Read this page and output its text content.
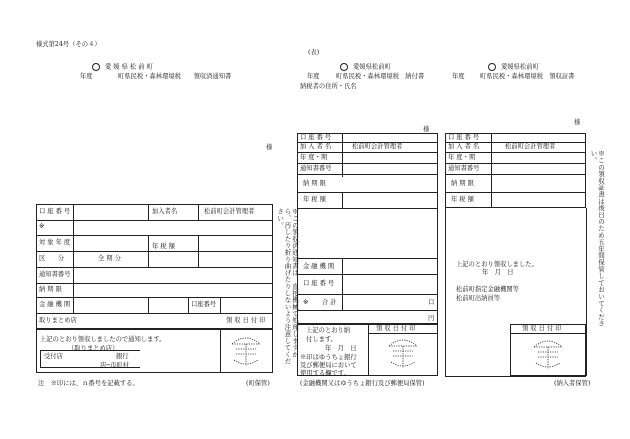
様式第24号（その４）
(表)
愛 媛 県 松 前 町
年度	町県民税・森林環境税　　領収済通知書
様
口 座 番 号	加入者名	松前町会計管理者
※
対 象 年 度
年 税 額
区　　分	全 期 分
通知書番号
納 期 限
金 融 機 関	口座番号
取りまとめ店	領 収 日 付 印
上記のとおり領収しましたので通知します。
（取りまとめ店）
受付店	銀行
店─市町村
注　※印には、ｎ番号を記載する。	(町保管)
※この領収済通知書は、直接機械で処理しますから、汚したり折り曲げたりしないよう注意してください。
愛媛県松前町
年度	町県民税・森林環境税　納付書
納税者の住所・氏名
様
口 座 番 号
加 入 者 名	松前町会計管理者
年 度・期
通知書番号
納 期 限
年 税 額
金 融 機 関
口 座 番 号
※ 合 計	口
円
領 収 日 付 印
上記のとおり納付します。
年　月　日
※印はゆうちょ銀行
及び郵便局において
使用する欄です。
(金融機関又はゆうちょ銀行及び郵便局保管)
愛媛県松前町
年度 町県民税・森林環境税　領収証書
様
口 座 番 号
加 入 者 名	松前町会計管理者
年 度・期
通知書番号
納 期 限
年 税 額
上記のとおり領収しました。
年　月　日
松前町指定金融機関等
松前町出納員等
領 収 日 付 印
(納入者保管)
※この領収証書は後日のため五年間保管しておいてください。
